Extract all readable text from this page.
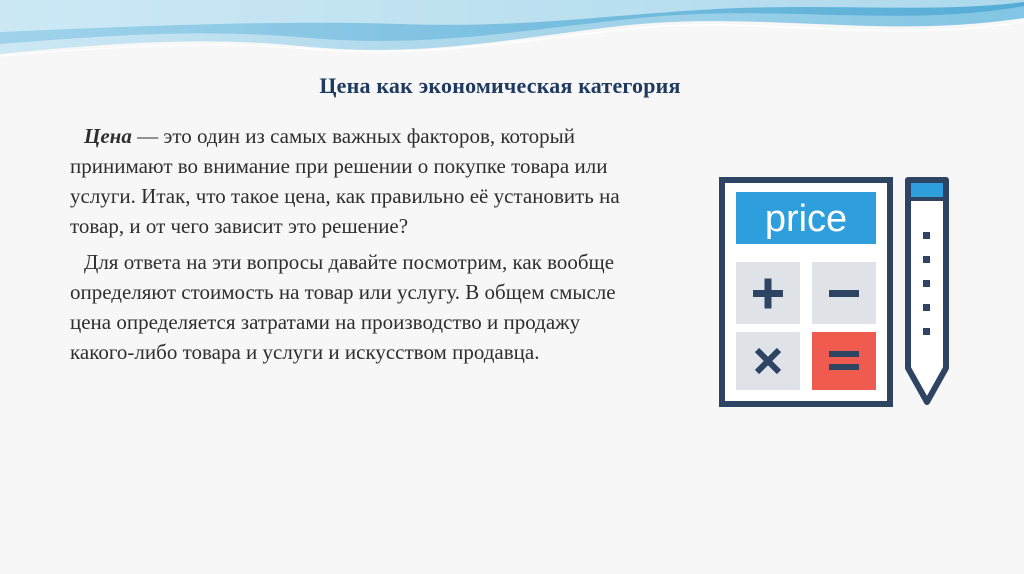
Цена как экономическая категория

Цена — это один из самых важных факторов, который принимают во внимание при решении о покупке товара или услуги. Итак, что такое цена, как правильно её установить на товар, и от чего зависит это решение?

Для ответа на эти вопросы давайте посмотрим, как вообще определяют стоимость на товар или услугу. В общем смысле цена определяется затратами на производство и продажу какого-либо товара и услуги и искусством продавца.

price
